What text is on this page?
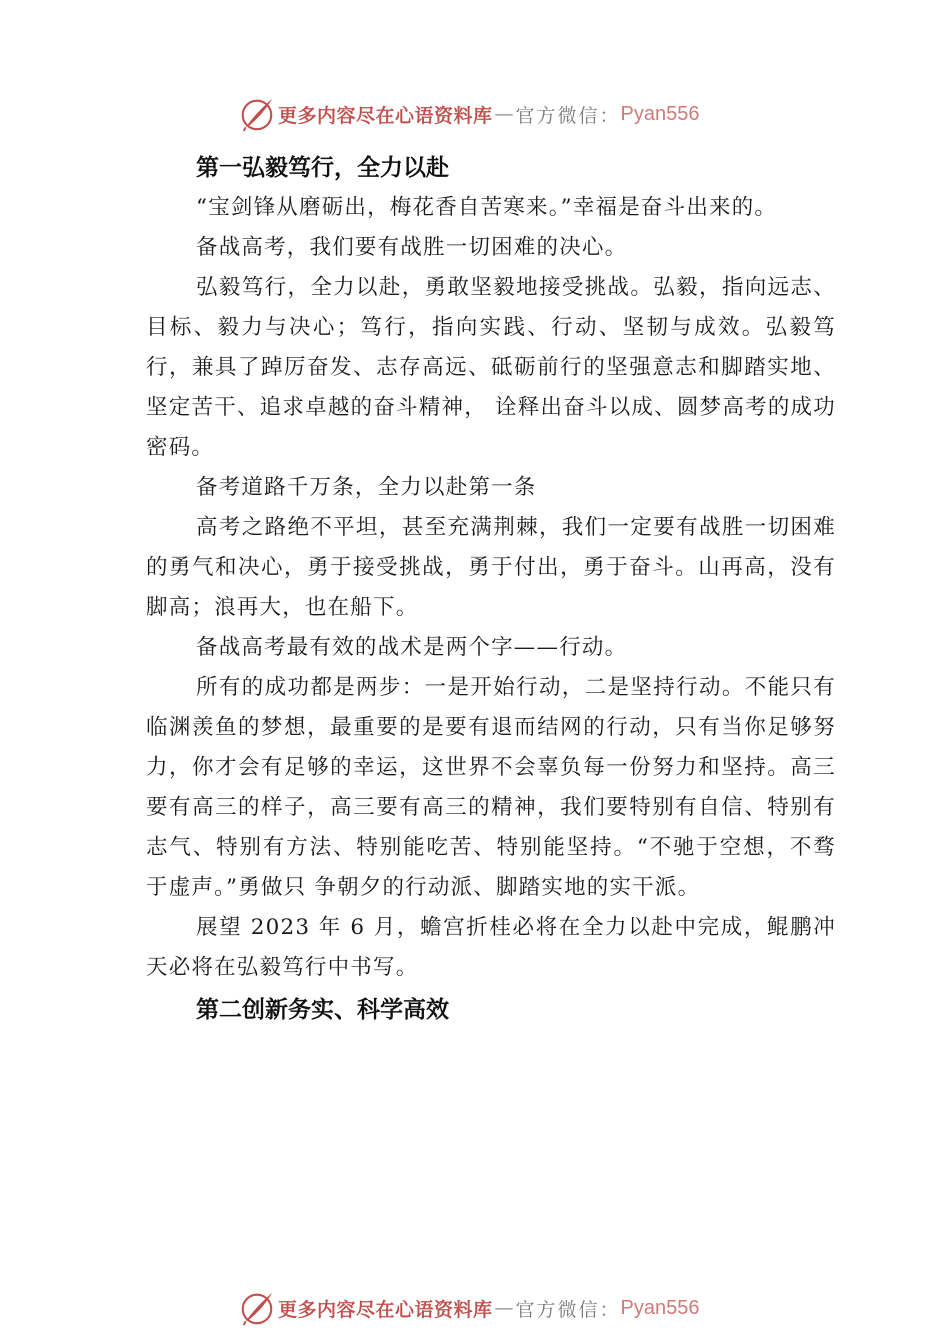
更多内容尽在心语资料库 — 官方微信： Pyan556
第一弘毅笃行，全力以赴

“宝剑锋从磨砺出，梅花香自苦寒来。”幸福是奋斗出来的。

备战高考，我们要有战胜一切困难的决心。

弘毅笃行，全力以赴，勇敢坚毅地接受挑战。弘毅，指向远志、目标、毅力与决心；笃行，指向实践、行动、坚韧与成效。弘毅笃行，兼具了踔厉奋发、志存高远、砥砺前行的坚强意志和脚踏实地、坚定苦干、追求卓越的奋斗精神， 诠释出奋斗以成、圆梦高考的成功密码。

备考道路千万条，全力以赴第一条

高考之路绝不平坦，甚至充满荆棘，我们一定要有战胜一切困难的勇气和决心，勇于接受挑战，勇于付出，勇于奋斗。山再高，没有脚高；浪再大，也在船下。

备战高考最有效的战术是两个字——行动。

所有的成功都是两步：一是开始行动，二是坚持行动。不能只有临渊羡鱼的梦想，最重要的是要有退而结网的行动，只有当你足够努力，你才会有足够的幸运，这世界不会辜负每一份努力和坚持。高三要有高三的样子，高三要有高三的精神，我们要特别有自信、特别有志气、特别有方法、特别能吃苦、特别能坚持。“不驰于空想，不骛于虚声。”勇做只 争朝夕的行动派、脚踏实地的实干派。

展望 2023 年 6 月，蟾宫折桂必将在全力以赴中完成，鲲鹏冲天必将在弘毅笃行中书写。

第二创新务实、科学高效
更多内容尽在心语资料库 — 官方微信： Pyan556
